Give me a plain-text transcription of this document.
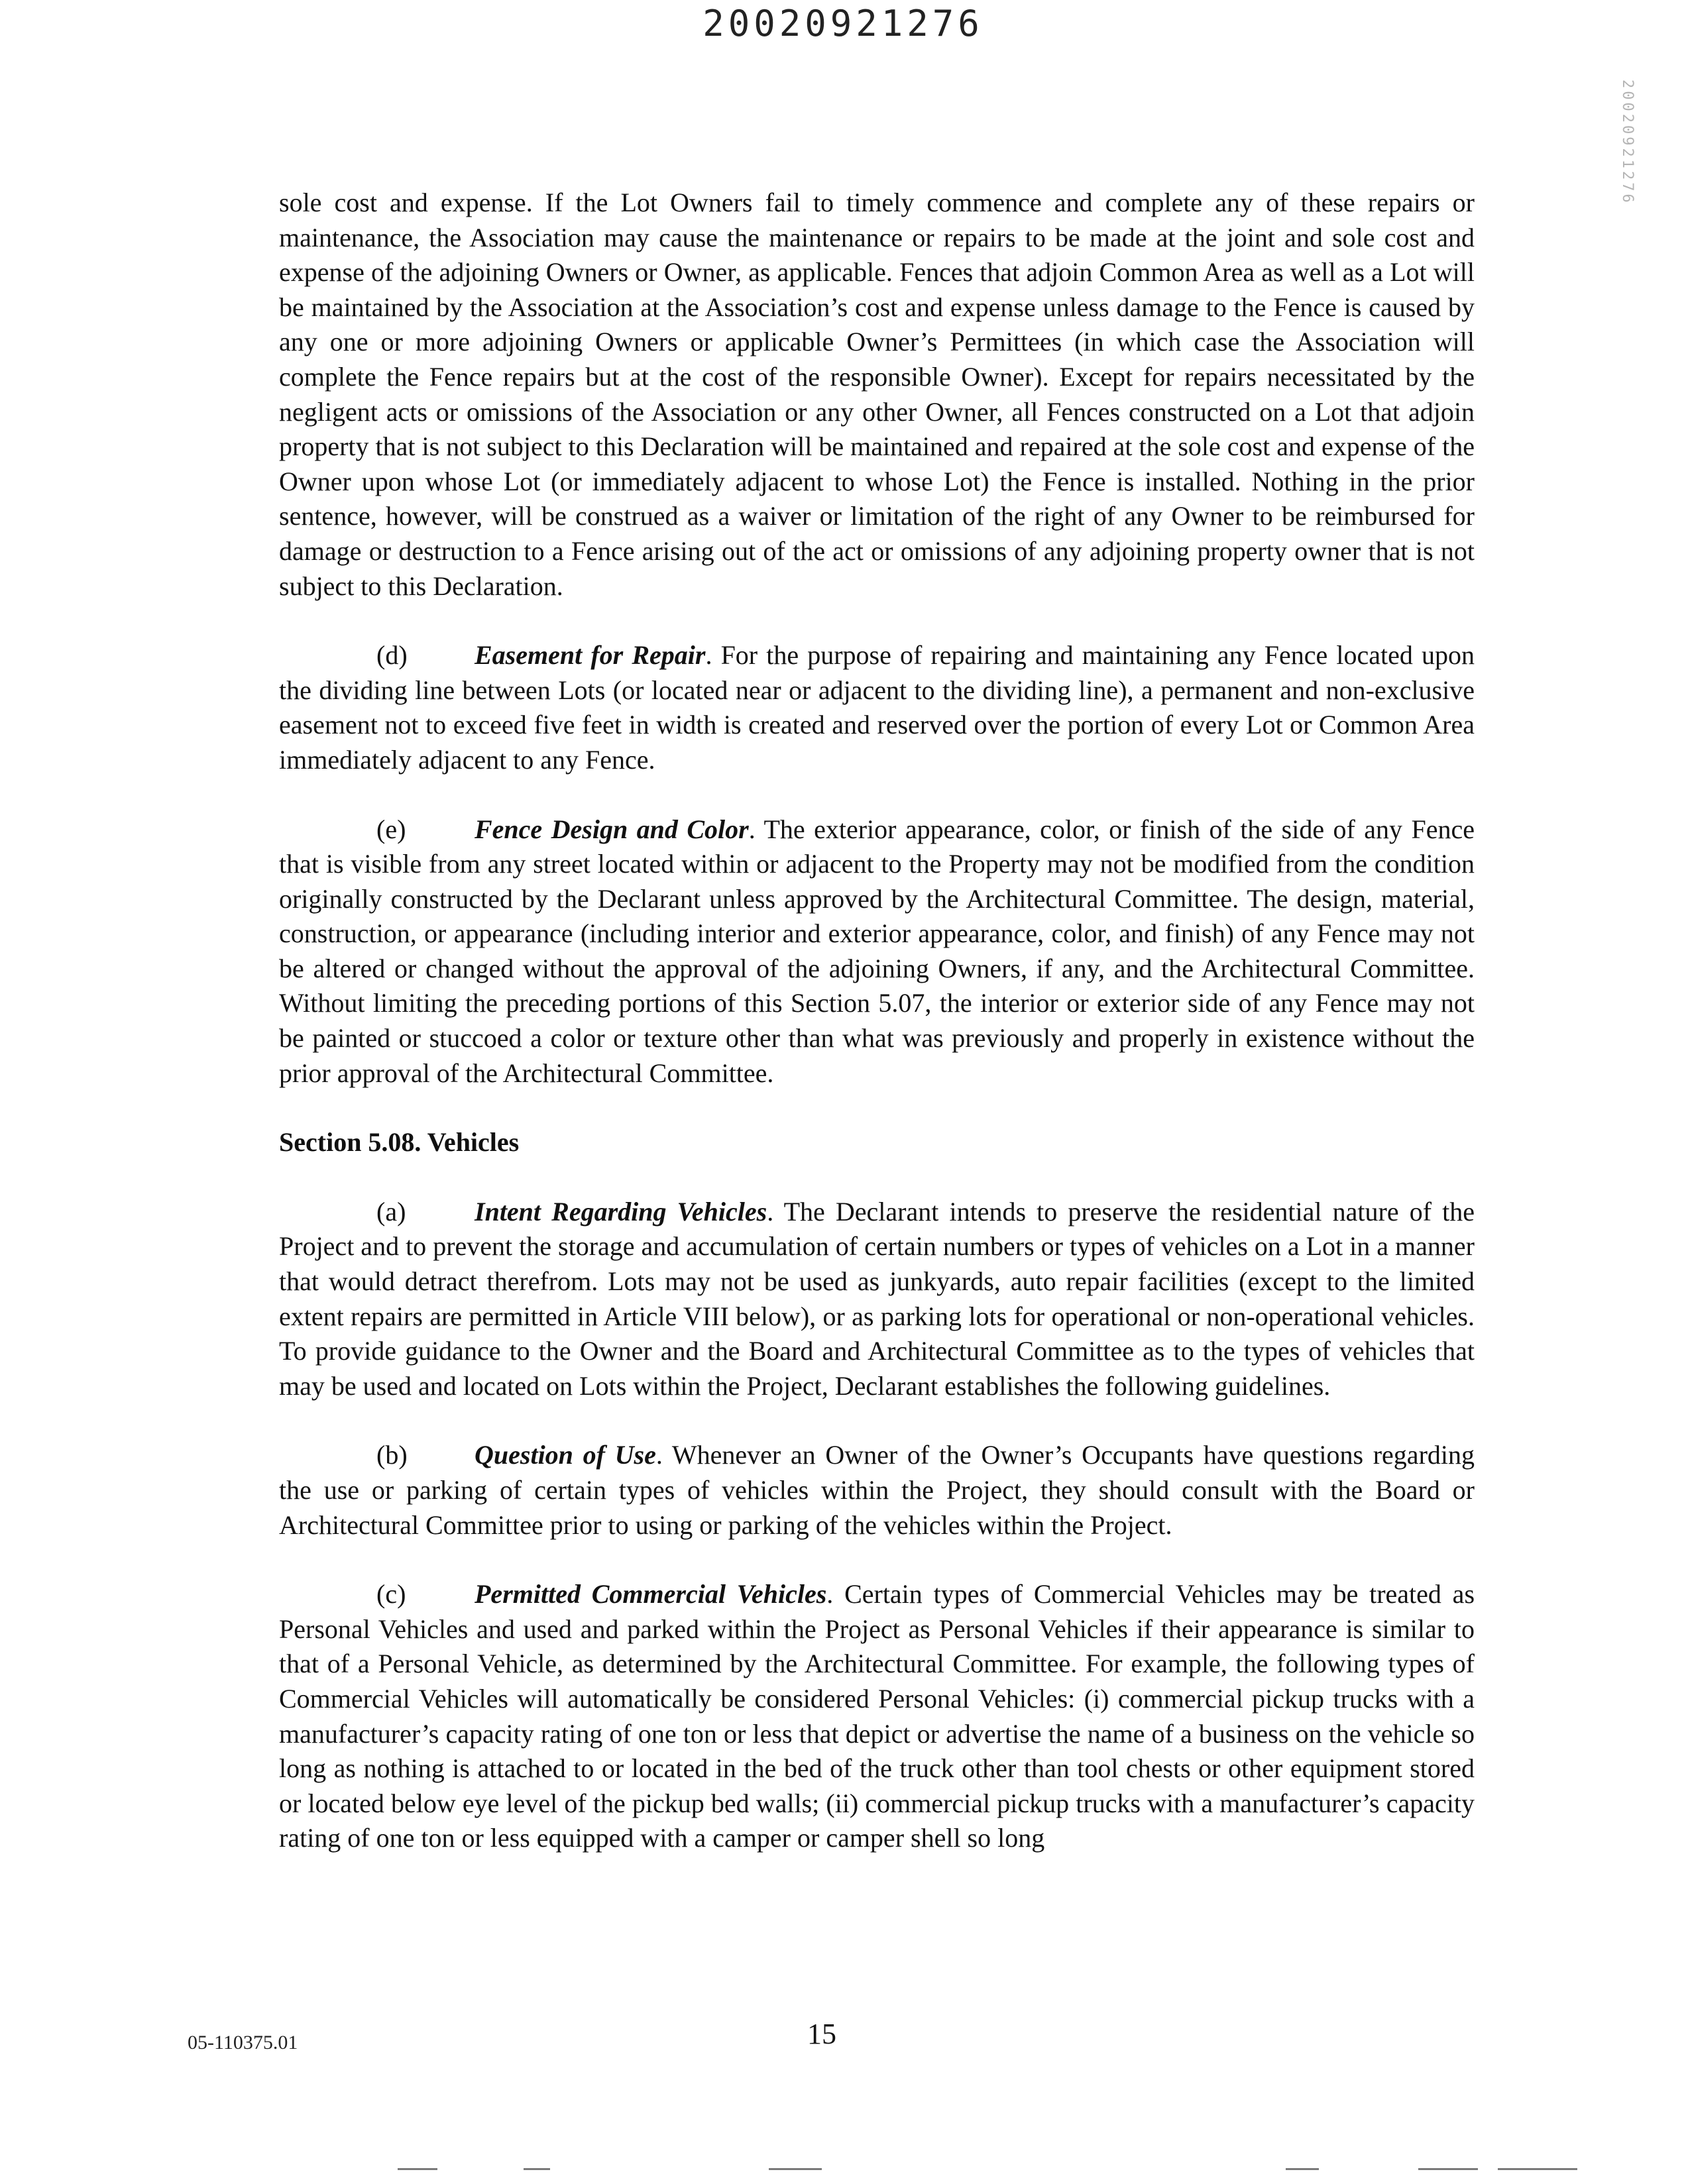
20020921276
20020921276

sole cost and expense. If the Lot Owners fail to timely commence and complete any of these repairs or maintenance, the Association may cause the maintenance or repairs to be made at the joint and sole cost and expense of the adjoining Owners or Owner, as applicable. Fences that adjoin Common Area as well as a Lot will be maintained by the Association at the Association’s cost and expense unless damage to the Fence is caused by any one or more adjoining Owners or applicable Owner’s Permittees (in which case the Association will complete the Fence repairs but at the cost of the responsible Owner). Except for repairs necessitated by the negligent acts or omissions of the Association or any other Owner, all Fences constructed on a Lot that adjoin property that is not subject to this Declaration will be maintained and repaired at the sole cost and expense of the Owner upon whose Lot (or immediately adjacent to whose Lot) the Fence is installed. Nothing in the prior sentence, however, will be construed as a waiver or limitation of the right of any Owner to be reimbursed for damage or destruction to a Fence arising out of the act or omissions of any adjoining property owner that is not subject to this Declaration.

(d)	Easement for Repair. For the purpose of repairing and maintaining any Fence located upon the dividing line between Lots (or located near or adjacent to the dividing line), a permanent and non-exclusive easement not to exceed five feet in width is created and reserved over the portion of every Lot or Common Area immediately adjacent to any Fence.

(e)	Fence Design and Color. The exterior appearance, color, or finish of the side of any Fence that is visible from any street located within or adjacent to the Property may not be modified from the condition originally constructed by the Declarant unless approved by the Architectural Committee. The design, material, construction, or appearance (including interior and exterior appearance, color, and finish) of any Fence may not be altered or changed without the approval of the adjoining Owners, if any, and the Architectural Committee. Without limiting the preceding portions of this Section 5.07, the interior or exterior side of any Fence may not be painted or stuccoed a color or texture other than what was previously and properly in existence without the prior approval of the Architectural Committee.

Section 5.08. Vehicles

(a)	Intent Regarding Vehicles. The Declarant intends to preserve the residential nature of the Project and to prevent the storage and accumulation of certain numbers or types of vehicles on a Lot in a manner that would detract therefrom. Lots may not be used as junkyards, auto repair facilities (except to the limited extent repairs are permitted in Article VIII below), or as parking lots for operational or non-operational vehicles. To provide guidance to the Owner and the Board and Architectural Committee as to the types of vehicles that may be used and located on Lots within the Project, Declarant establishes the following guidelines.

(b)	Question of Use. Whenever an Owner of the Owner’s Occupants have questions regarding the use or parking of certain types of vehicles within the Project, they should consult with the Board or Architectural Committee prior to using or parking of the vehicles within the Project.

(c)	Permitted Commercial Vehicles. Certain types of Commercial Vehicles may be treated as Personal Vehicles and used and parked within the Project as Personal Vehicles if their appearance is similar to that of a Personal Vehicle, as determined by the Architectural Committee. For example, the following types of Commercial Vehicles will automatically be considered Personal Vehicles: (i) commercial pickup trucks with a manufacturer’s capacity rating of one ton or less that depict or advertise the name of a business on the vehicle so long as nothing is attached to or located in the bed of the truck other than tool chests or other equipment stored or located below eye level of the pickup bed walls; (ii) commercial pickup trucks with a manufacturer’s capacity rating of one ton or less equipped with a camper or camper shell so long

05-110375.01	15
